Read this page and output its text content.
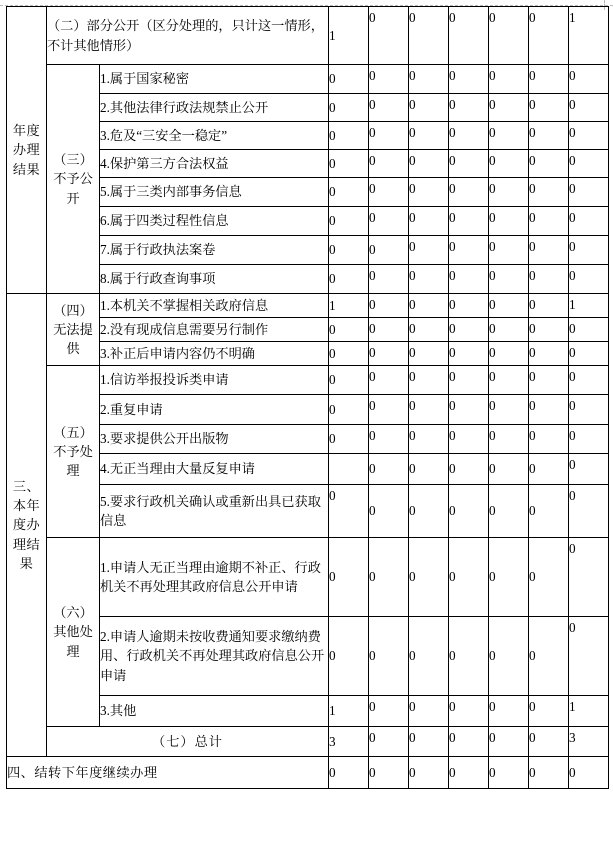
年度办理结果	（二）部分公开（区分处理的，只计这一情形，不计其他情形）		1	0	0	0	0	0	1
	（三）不予公开	1.属于国家秘密	0	0	0	0	0	0	0
		2.其他法律行政法规禁止公开	0	0	0	0	0	0	0
		3.危及“三安全一稳定”	0	0	0	0	0	0	0
		4.保护第三方合法权益	0	0	0	0	0	0	0
		5.属于三类内部事务信息	0	0	0	0	0	0	0
		6.属于四类过程性信息	0	0	0	0	0	0	0
		7.属于行政执法案卷	0	0	0	0	0	0	0
		8.属于行政查询事项	0	0	0	0	0	0	0
三、本年度办理结果	（四）无法提供	1.本机关不掌握相关政府信息	1	0	0	0	0	0	1
		2.没有现成信息需要另行制作	0	0	0	0	0	0	0
		3.补正后申请内容仍不明确	0	0	0	0	0	0	0
	（五）不予处理	1.信访举报投诉类申请	0	0	0	0	0	0	0
		2.重复申请	0	0	0	0	0	0	0
		3.要求提供公开出版物	0	0	0	0	0	0	0
		4.无正当理由大量反复申请		0	0	0	0	0	0
		5.要求行政机关确认或重新出具已获取信息	0	0	0	0	0	0	0
	（六）其他处理	1.申请人无正当理由逾期不补正、行政机关不再处理其政府信息公开申请	0	0	0	0	0	0	0
		2.申请人逾期未按收费通知要求缴纳费用、行政机关不再处理其政府信息公开申请	0	0	0	0	0	0	0
		3.其他	1	0	0	0	0	0	1
	（七）总计		3	0	0	0	0	0	3
四、结转下年度继续办理			0	0	0	0	0	0	0
